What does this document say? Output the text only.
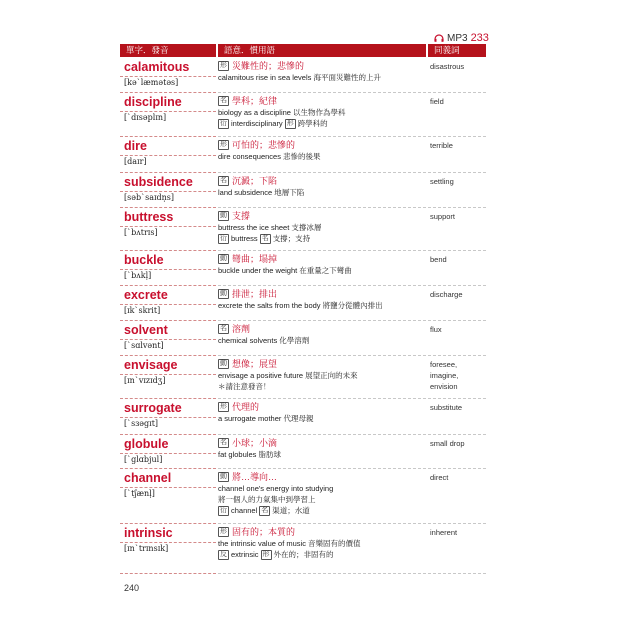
MP3 233
單字．發音	語意．慣用語	同義詞
calamitous
[kəˋlæmətəs]
形 災難性的；悲慘的
calamitous rise in sea levels 海平面災難性的上升
disastrous
discipline
[ˋdɪsəplɪn]
名 學科；紀律
biology as a discipline 以生物作為學科
衍 interdisciplinary 形 跨學科的
field
dire
[daɪr]
形 可怕的；悲慘的
dire consequences 悲慘的後果
terrible
subsidence
[səbˋsaɪdn̩s]
名 沉澱；下陷
land subsidence 地層下陷
settling
buttress
[ˋbʌtrɪs]
動 支撐
buttress the ice sheet 支撐冰層
衍 buttress 名 支撐；支持
support
buckle
[ˋbʌkl̩]
動 彎曲；塌掉
buckle under the weight 在重量之下彎曲
bend
excrete
[ɪkˋskrit]
動 排泄；排出
excrete the salts from the body 將鹽分從體內排出
discharge
solvent
[ˋsɑlvənt]
名 溶劑
chemical solvents 化學溶劑
flux
envisage
[ɪnˋvɪzɪdʒ]
動 想像；展望
envisage a positive future 展望正向的未來
＊請注意發音！
foresee, imagine, envision
surrogate
[ˋsɜəgɪt]
形 代理的
a surrogate mother 代理母親
substitute
globule
[ˋglɑbjul]
名 小球；小滴
fat globules 脂肪球
small drop
channel
[ˋtʃænl̩]
動 將…導向…
channel one's energy into studying
將一個人的力氣集中到學習上
衍 channel 名 渠道；水道
direct
intrinsic
[ɪnˋtrɪnsɪk]
形 固有的；本質的
the intrinsic value of music 音樂固有的價值
反 extrinsic 形 外在的；非固有的
inherent
240
